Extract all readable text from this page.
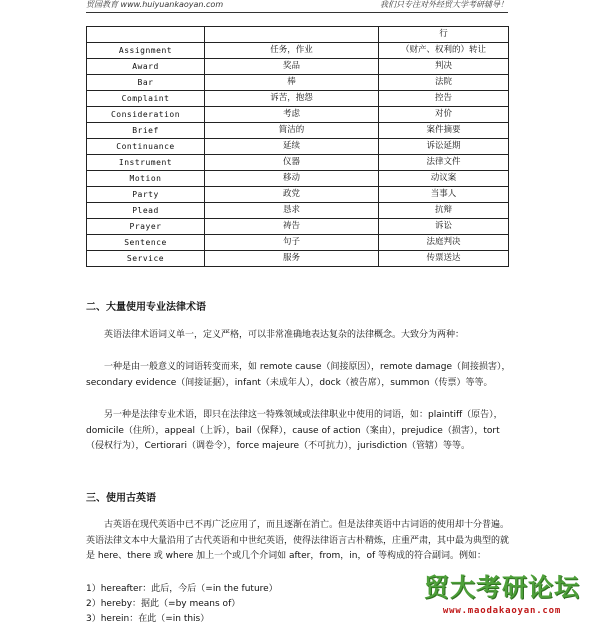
贸园教育 www.huiyuankaoyan.com	我们只专注对外经贸大学考研辅导！
		行
Assignment	任务，作业	（财产、权利的）转让
Award	奖品	判决
Bar	棒	法院
Complaint	诉苦，抱怨	控告
Consideration	考虑	对价
Brief	简洁的	案件摘要
Continuance	延续	诉讼延期
Instrument	仪器	法律文件
Motion	移动	动议案
Party	政党	当事人
Plead	恳求	抗辩
Prayer	祷告	诉讼
Sentence	句子	法庭判决
Service	服务	传票送达
二、大量使用专业法律术语

英语法律术语词义单一，定义严格，可以非常准确地表达复杂的法律概念。大致分为两种：

一种是由一般意义的词语转变而来，如 remote cause（间接原因），remote damage（间接损害），secondary evidence（间接证据），infant（未成年人），dock（被告席），summon（传票）等等。

另一种是法律专业术语，即只在法律这一特殊领域或法律职业中使用的词语，如：plaintiff（原告），domicile（住所），appeal（上诉），bail（保释），cause of action（案由），prejudice（损害），tort（侵权行为），Certiorari（调卷令），force majeure（不可抗力），jurisdiction（管辖）等等。

三、使用古英语

古英语在现代英语中已不再广泛应用了，而且逐渐在消亡。但是法律英语中古词语的使用却十分普遍。英语法律文本中大量沿用了古代英语和中世纪英语，使得法律语言古朴精炼，庄重严肃，其中最为典型的就是 here、there 或 where 加上一个或几个介词如 after，from，in，of 等构成的符合副词。例如：

1）hereafter：此后，今后（=in the future）

2）hereby：据此（=by means of）

3）herein：在此（=in this）

贸大考研论坛
www.maodakaoyan.com
